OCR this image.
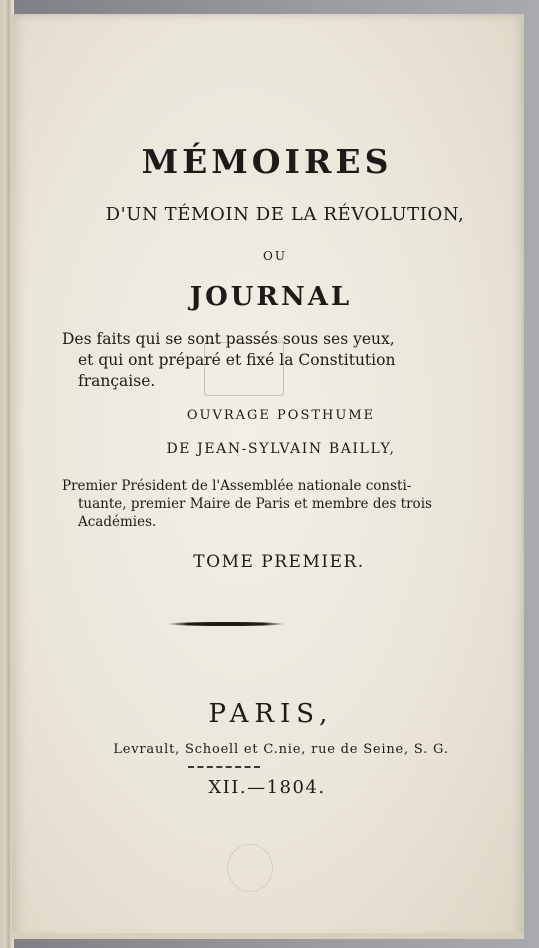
MÉMOIRES
D'UN TÉMOIN DE LA RÉVOLUTION,
OU
JOURNAL
Des faits qui se sont passés sous ses yeux,
et qui ont préparé et fixé la Constitution
française.
OUVRAGE POSTHUME
DE JEAN-SYLVAIN BAILLY,
Premier Président de l'Assemblée nationale consti-
tuante, premier Maire de Paris et membre des trois
Académies.
TOME PREMIER.
PARIS,
Levrault, Schoell et C.nie, rue de Seine, S. G.
XII.—1804.
